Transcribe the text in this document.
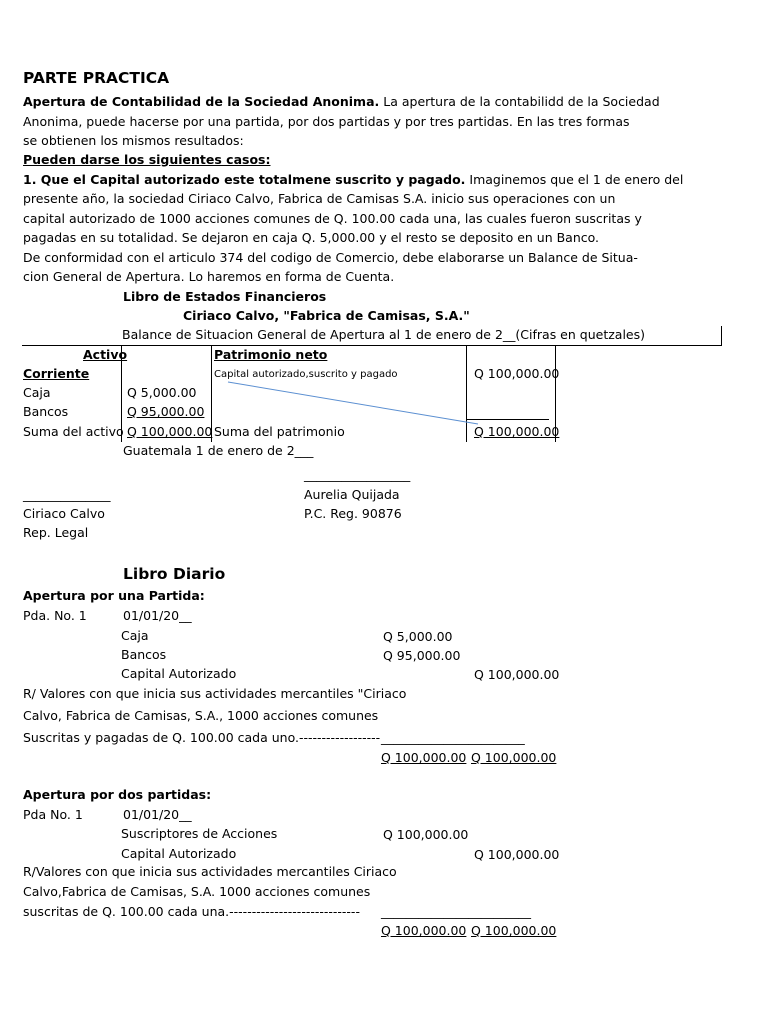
PARTE PRACTICA
Apertura de Contabilidad de la Sociedad Anonima. La apertura de la contabilidd de la Sociedad
Anonima, puede hacerse por una partida, por dos partidas y por tres partidas. En las tres formas
se obtienen los mismos resultados:
Pueden darse los siguientes casos:
1. Que el Capital autorizado este totalmene suscrito y pagado. Imaginemos que el 1 de enero del
presente año, la sociedad Ciriaco Calvo, Fabrica de Camisas S.A. inicio sus operaciones con un
capital autorizado de 1000 acciones comunes de Q. 100.00 cada una, las cuales fueron suscritas y
pagadas en su totalidad. Se dejaron en caja Q. 5,000.00 y el resto se deposito en un Banco.
De conformidad con el articulo 374 del codigo de Comercio, debe elaborarse un Balance de Situa-
cion General de Apertura. Lo haremos en forma de Cuenta.
Libro de Estados Financieros
Ciriaco Calvo, "Fabrica de Camisas, S.A."
Balance de Situacion General de Apertura al 1 de enero de 2__(Cifras en quetzales)
Activo	Patrimonio neto
Corriente	Capital autorizado,suscrito y pagado	Q 100,000.00
Caja	Q 5,000.00
Bancos	Q 95,000.00
Suma del activo Q 100,000.00 Suma del patrimonio	Q 100,000.00
Guatemala 1 de enero de 2___
_________________
______________	Aurelia Quijada
Ciriaco Calvo	P.C. Reg. 90876
Rep. Legal
Libro Diario
Apertura por una Partida:
Pda. No. 1	01/01/20__
Caja	Q 5,000.00
Bancos	Q 95,000.00
Capital Autorizado	Q 100,000.00
R/ Valores con que inicia sus actividades mercantiles "Ciriaco
Calvo, Fabrica de Camisas, S.A., 1000 acciones comunes
Suscritas y pagadas de Q. 100.00 cada uno.------------------ _______________________
Q 100,000.00 Q 100,000.00
Apertura por dos partidas:
Pda No. 1	01/01/20__
Suscriptores de Acciones	Q 100,000.00
Capital Autorizado	Q 100,000.00
R/Valores con que inicia sus actividades mercantiles Ciriaco
Calvo,Fabrica de Camisas, S.A. 1000 acciones comunes
suscritas de Q. 100.00 cada una.----------------------------- ________________________
Q 100,000.00 Q 100,000.00
